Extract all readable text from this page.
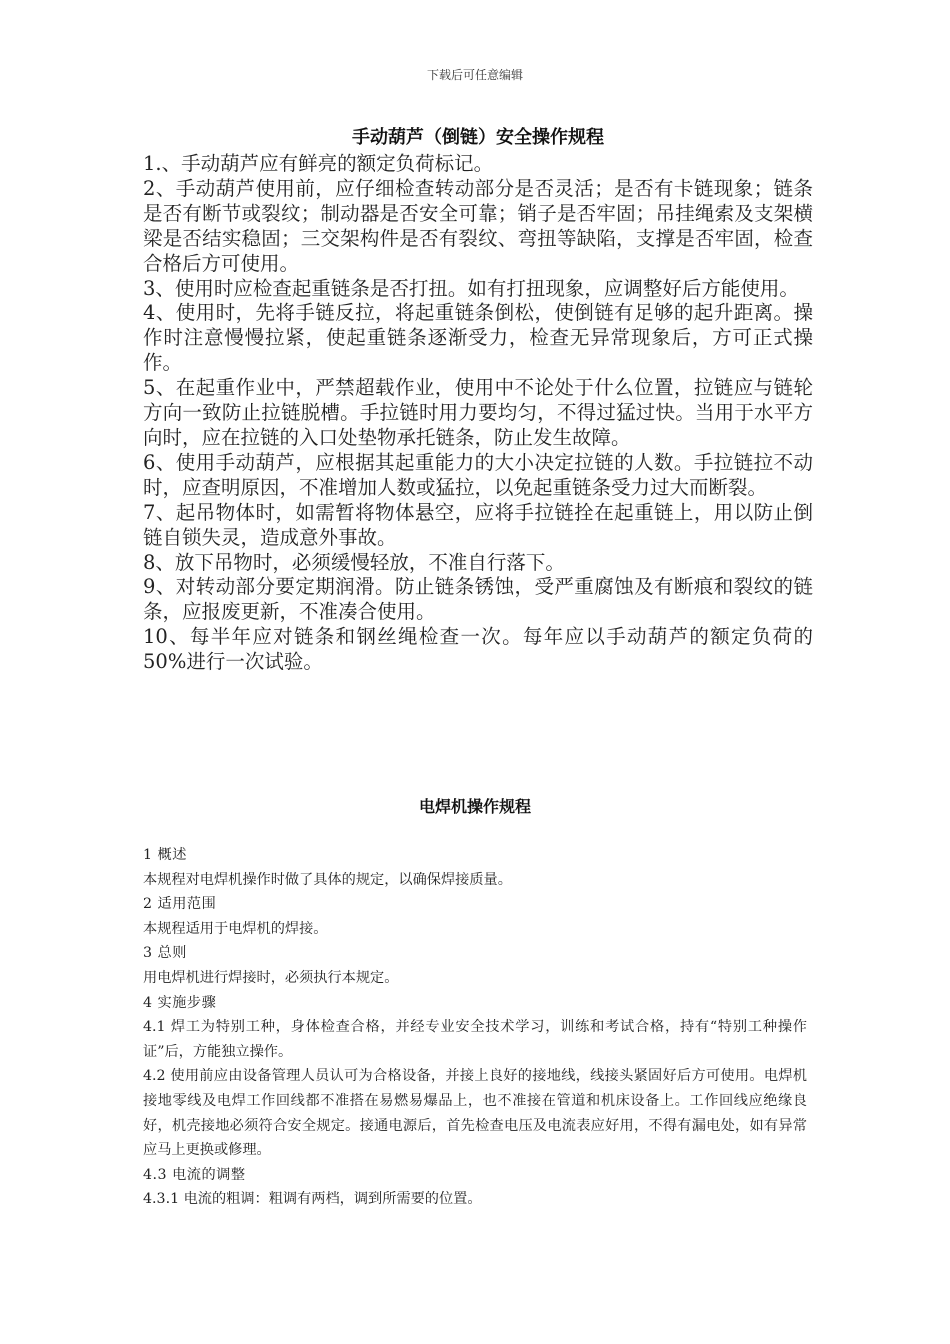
下载后可任意编辑
手动葫芦（倒链）安全操作规程
1.、手动葫芦应有鲜亮的额定负荷标记。
2、手动葫芦使用前，应仔细检查转动部分是否灵活；是否有卡链现象；链条是否有断节或裂纹；制动器是否安全可靠；销子是否牢固；吊挂绳索及支架横梁是否结实稳固；三交架构件是否有裂纹、弯扭等缺陷，支撑是否牢固，检查合格后方可使用。
3、使用时应检查起重链条是否打扭。如有打扭现象，应调整好后方能使用。
4、使用时，先将手链反拉，将起重链条倒松，使倒链有足够的起升距离。操作时注意慢慢拉紧，使起重链条逐渐受力，检查无异常现象后，方可正式操作。
5、在起重作业中，严禁超载作业，使用中不论处于什么位置，拉链应与链轮方向一致防止拉链脱槽。手拉链时用力要均匀，不得过猛过快。当用于水平方向时，应在拉链的入口处垫物承托链条，防止发生故障。
6、使用手动葫芦，应根据其起重能力的大小决定拉链的人数。手拉链拉不动时，应查明原因，不准增加人数或猛拉，以免起重链条受力过大而断裂。
7、起吊物体时，如需暂将物体悬空，应将手拉链拴在起重链上，用以防止倒链自锁失灵，造成意外事故。
8、放下吊物时，必须缓慢轻放，不准自行落下。
9、对转动部分要定期润滑。防止链条锈蚀，受严重腐蚀及有断痕和裂纹的链条，应报废更新，不准凑合使用。
10、每半年应对链条和钢丝绳检查一次。每年应以手动葫芦的额定负荷的50%进行一次试验。
电焊机操作规程

1 概述

本规程对电焊机操作时做了具体的规定，以确保焊接质量。

2 适用范围

本规程适用于电焊机的焊接。

3 总则

用电焊机进行焊接时，必须执行本规定。

4 实施步骤

4.1 焊工为特别工种，身体检查合格，并经专业安全技术学习，训练和考试合格，持有“特别工种操作证”后，方能独立操作。

4.2 使用前应由设备管理人员认可为合格设备，并接上良好的接地线，线接头紧固好后方可使用。电焊机接地零线及电焊工作回线都不准搭在易燃易爆品上，也不准接在管道和机床设备上。工作回线应绝缘良好，机壳接地必须符合安全规定。接通电源后，首先检查电压及电流表应好用，不得有漏电处，如有异常应马上更换或修理。

4.3 电流的调整

4.3.1 电流的粗调：粗调有两档，调到所需要的位置。
